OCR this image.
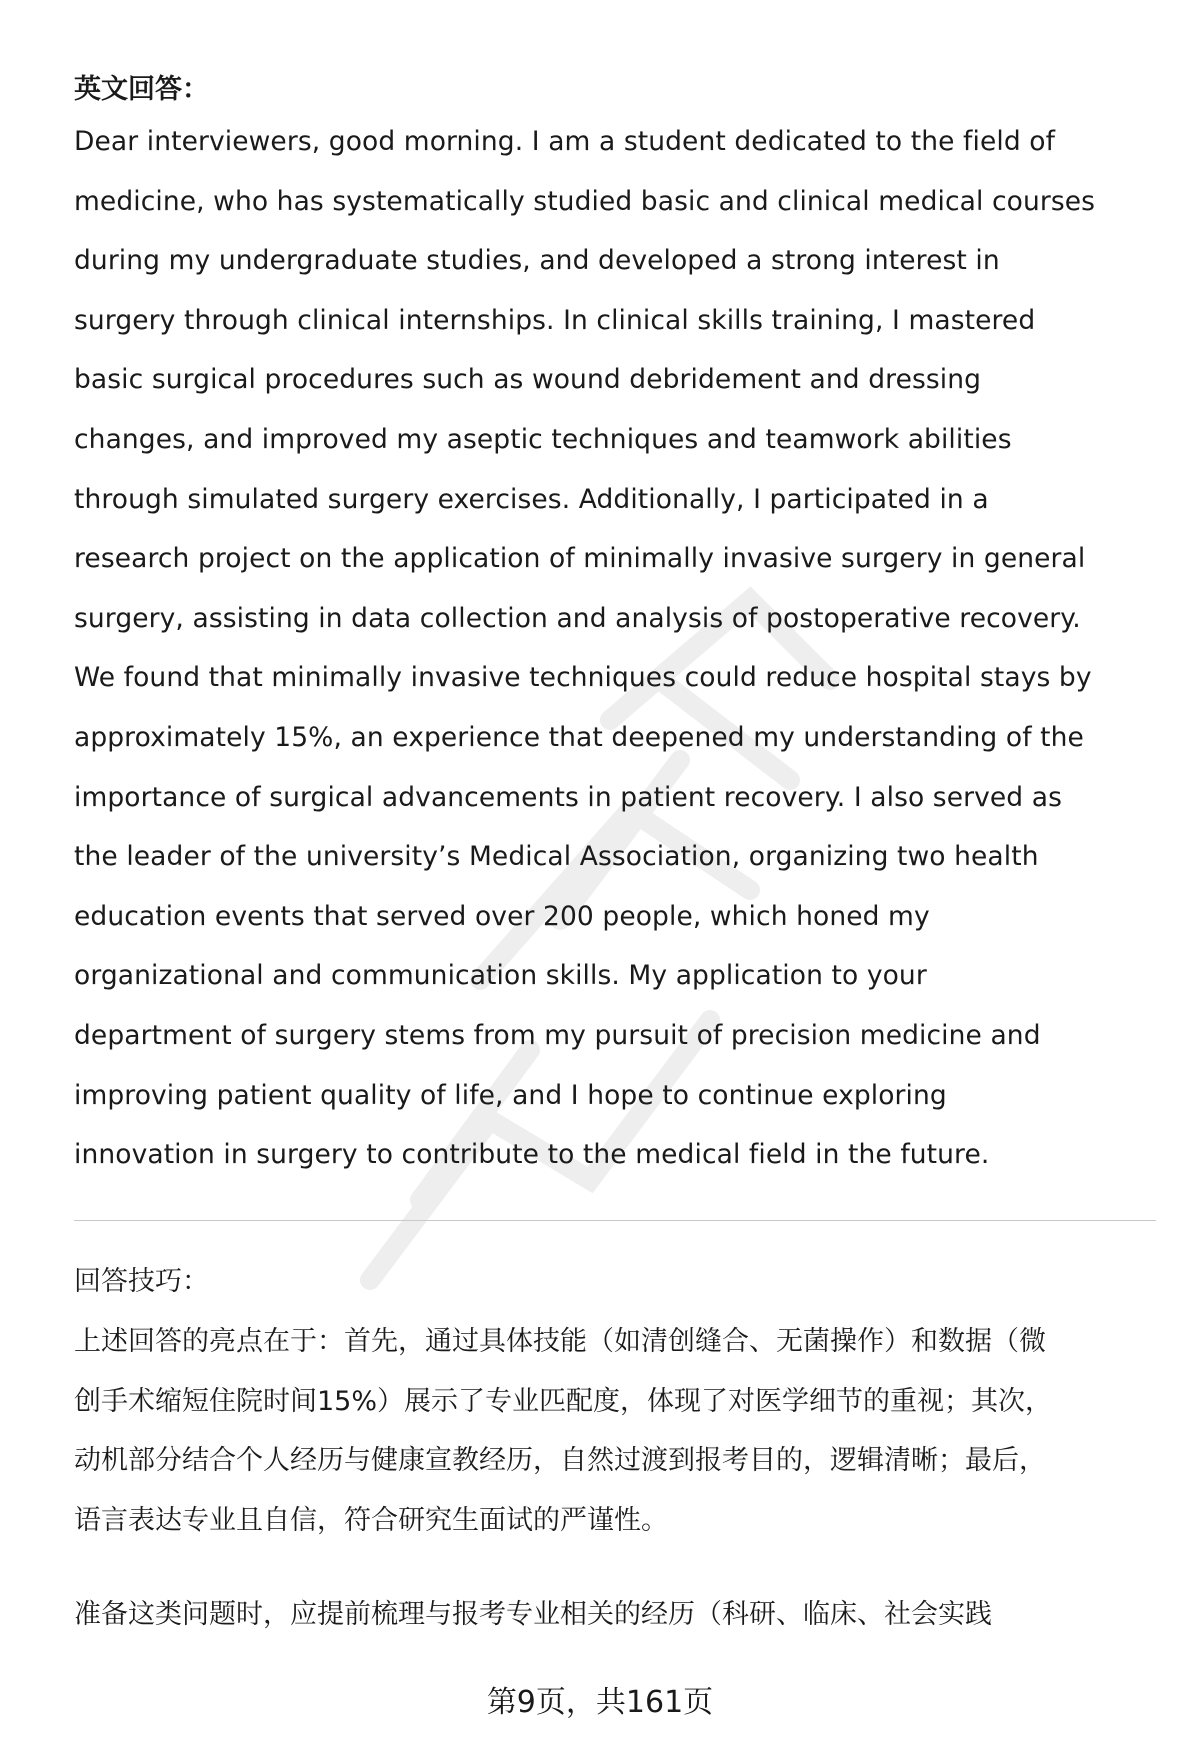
英文回答：
Dear interviewers, good morning. I am a student dedicated to the field of
medicine, who has systematically studied basic and clinical medical courses
during my undergraduate studies, and developed a strong interest in
surgery through clinical internships. In clinical skills training, I mastered
basic surgical procedures such as wound debridement and dressing
changes, and improved my aseptic techniques and teamwork abilities
through simulated surgery exercises. Additionally, I participated in a
research project on the application of minimally invasive surgery in general
surgery, assisting in data collection and analysis of postoperative recovery.
We found that minimally invasive techniques could reduce hospital stays by
approximately 15%, an experience that deepened my understanding of the
importance of surgical advancements in patient recovery. I also served as
the leader of the university’s Medical Association, organizing two health
education events that served over 200 people, which honed my
organizational and communication skills. My application to your
department of surgery stems from my pursuit of precision medicine and
improving patient quality of life, and I hope to continue exploring
innovation in surgery to contribute to the medical field in the future.
回答技巧：
上述回答的亮点在于：首先，通过具体技能（如清创缝合、无菌操作）和数据（微
创手术缩短住院时间15%）展示了专业匹配度，体现了对医学细节的重视；其次，
动机部分结合个人经历与健康宣教经历，自然过渡到报考目的，逻辑清晰；最后，
语言表达专业且自信，符合研究生面试的严谨性。
准备这类问题时，应提前梳理与报考专业相关的经历（科研、临床、社会实践
第9页，共161页
